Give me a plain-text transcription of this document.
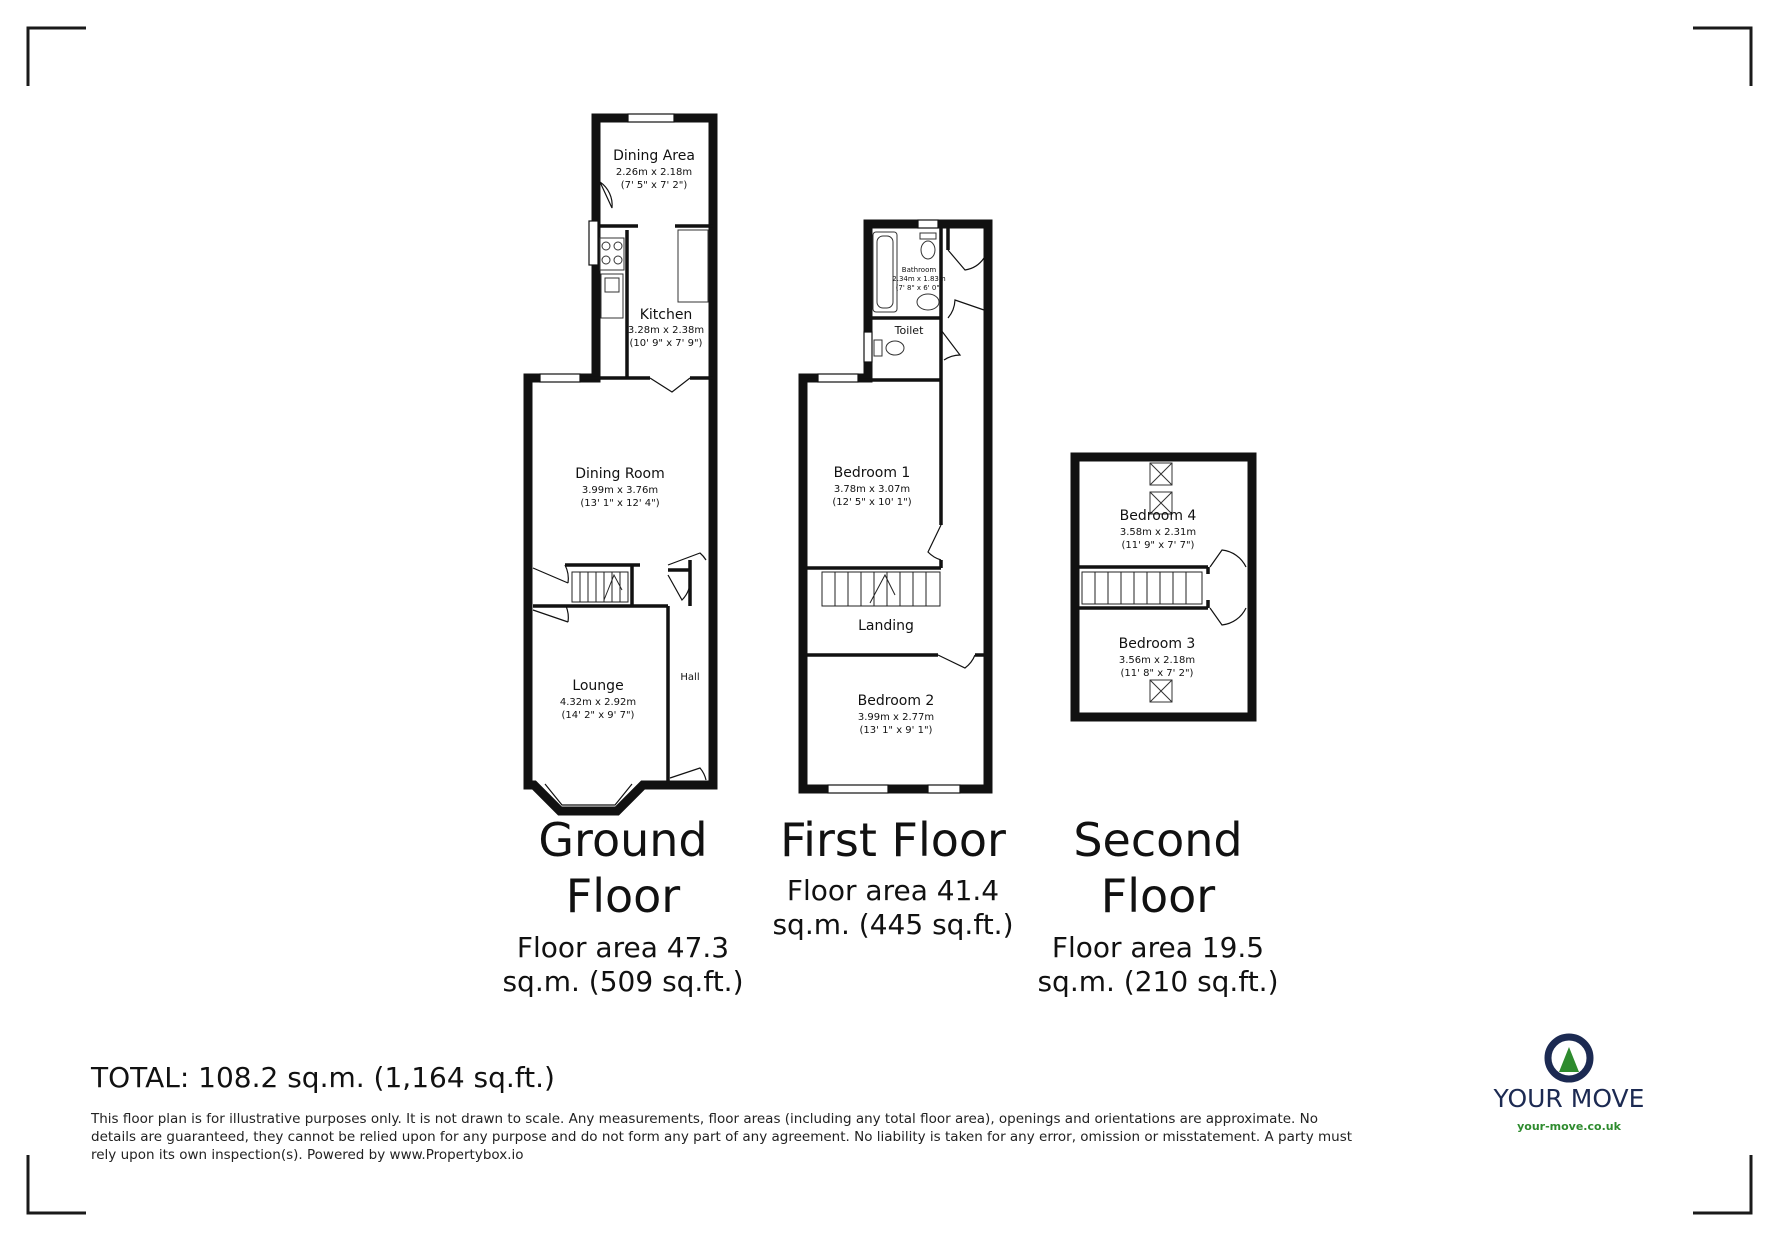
Dining Area
2.26m x 2.18m
(7' 5" x 7' 2")
Kitchen
3.28m x 2.38m
(10' 9" x 7' 9")
Dining Room
3.99m x 3.76m
(13' 1" x 12' 4")
Lounge
4.32m x 2.92m
(14' 2" x 9' 7")
Hall
Bathroom
2.34m x 1.83m
(7' 8" x 6' 0")
Toilet
Bedroom 1
3.78m x 3.07m
(12' 5" x 10' 1")
Landing
Bedroom 2
3.99m x 2.77m
(13' 1" x 9' 1")
Bedroom 4
3.58m x 2.31m
(11' 9" x 7' 7")
Bedroom 3
3.56m x 2.18m
(11' 8" x 7' 2")
Ground
Floor
Floor area 47.3
sq.m. (509 sq.ft.)
First Floor
Floor area 41.4
sq.m. (445 sq.ft.)
Second
Floor
Floor area 19.5
sq.m. (210 sq.ft.)
TOTAL: 108.2 sq.m. (1,164 sq.ft.)
This floor plan is for illustrative purposes only. It is not drawn to scale. Any measurements, floor areas (including any total floor area), openings and orientations are approximate. No
details are guaranteed, they cannot be relied upon for any purpose and do not form any part of any agreement. No liability is taken for any error, omission or misstatement. A party must
rely upon its own inspection(s). Powered by www.Propertybox.io
YOUR MOVE
your-move.co.uk
